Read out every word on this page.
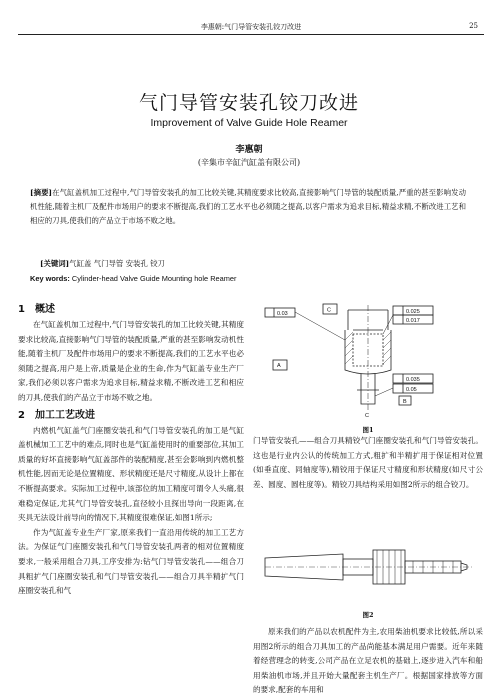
李惠朝:气门导管安装孔铰刀改进	25
气门导管安装孔铰刀改进
Improvement of Valve Guide Hole Reamer
李惠朝
(辛集市辛缸汽缸盖有限公司)
[摘要]在气缸盖机加工过程中,气门导管安装孔的加工比较关键,其精度要求比较高,直接影响气门导管的装配质量,严重的甚至影响发动机性能,随着主机厂及配件市场用户的要求不断提高,我们的工艺水平也必须随之提高,以客户需求为追求目标,精益求精,不断改进工艺和相应的刀具,使我们的产品立于市场不败之地。
[关键词]气缸盖 气门导管 安装孔 铰刀
Key words: Cylinder-head Valve Guide Mounting hole Reamer
1 概述

在气缸盖机加工过程中,气门导管安装孔的加工比较关键,其精度要求比较高,直接影响气门导管的装配质量,严重的甚至影响发动机性能,随着主机厂及配件市场用户的要求不断提高,我们的工艺水平也必须随之提高,用户是上帝,质量是企业的生命,作为气缸盖专业生产厂家,我们必须以客户需求为追求目标,精益求精,不断改进工艺和相应的刀具,使我们的产品立于市场不败之地。

2 加工工艺改进

内燃机气缸盖气门座圈安装孔和气门导管安装孔的加工是气缸盖机械加工工艺中的难点,同时也是气缸盖使用时的重要部位,其加工质量的好坏直接影响气缸盖部件的装配精度,甚至会影响到内燃机整机性能,因而无论是位置精度、形状精度还是尺寸精度,从设计上都在不断提高要求。实际加工过程中,该部位的加工精度可谓令人头痛,很难稳定保证,尤其气门导管安装孔,直径较小且探出导向一段距离,在夹具无法设计前导向的情况下,其精度很难保证,如图1所示;

作为气缸盖专业生产厂家,原来我们一直沿用传统的加工工艺方法。为保证气门座圈安装孔和气门导管安装孔两者的相对位置精度要求,一般采用组合刀具,工序安排为:钻气门导管安装孔——组合刀具粗扩气门座圈安装孔和气门导管安装孔——组合刀具半精扩气门座圈安装孔和气

0.03
C	0.025
0.017
A
0.035
B
0.05
C
图1

门导管安装孔——组合刀具精铰气门座圈安装孔和气门导管安装孔。这也是行业内公认的传统加工方式,粗扩和半精扩用于保证相对位置(如垂直度、同轴度等),精铰用于保证尺寸精度和形状精度(如尺寸公差、圆度、圆柱度等)。精铰刀具结构采用如图2所示的组合铰刀。

图2

原来我们的产品以农机配件为主,农用柴油机要求比较低,所以采用图2所示的组合刀具加工的产品尚能基本满足用户需要。近年来随着经营理念的转变,公司产品在立足农机的基础上,逐步进入汽车和船用柴油机市场,并且开始大量配套主机生产厂。根据国家排放等方面的要求,配套的车用和
